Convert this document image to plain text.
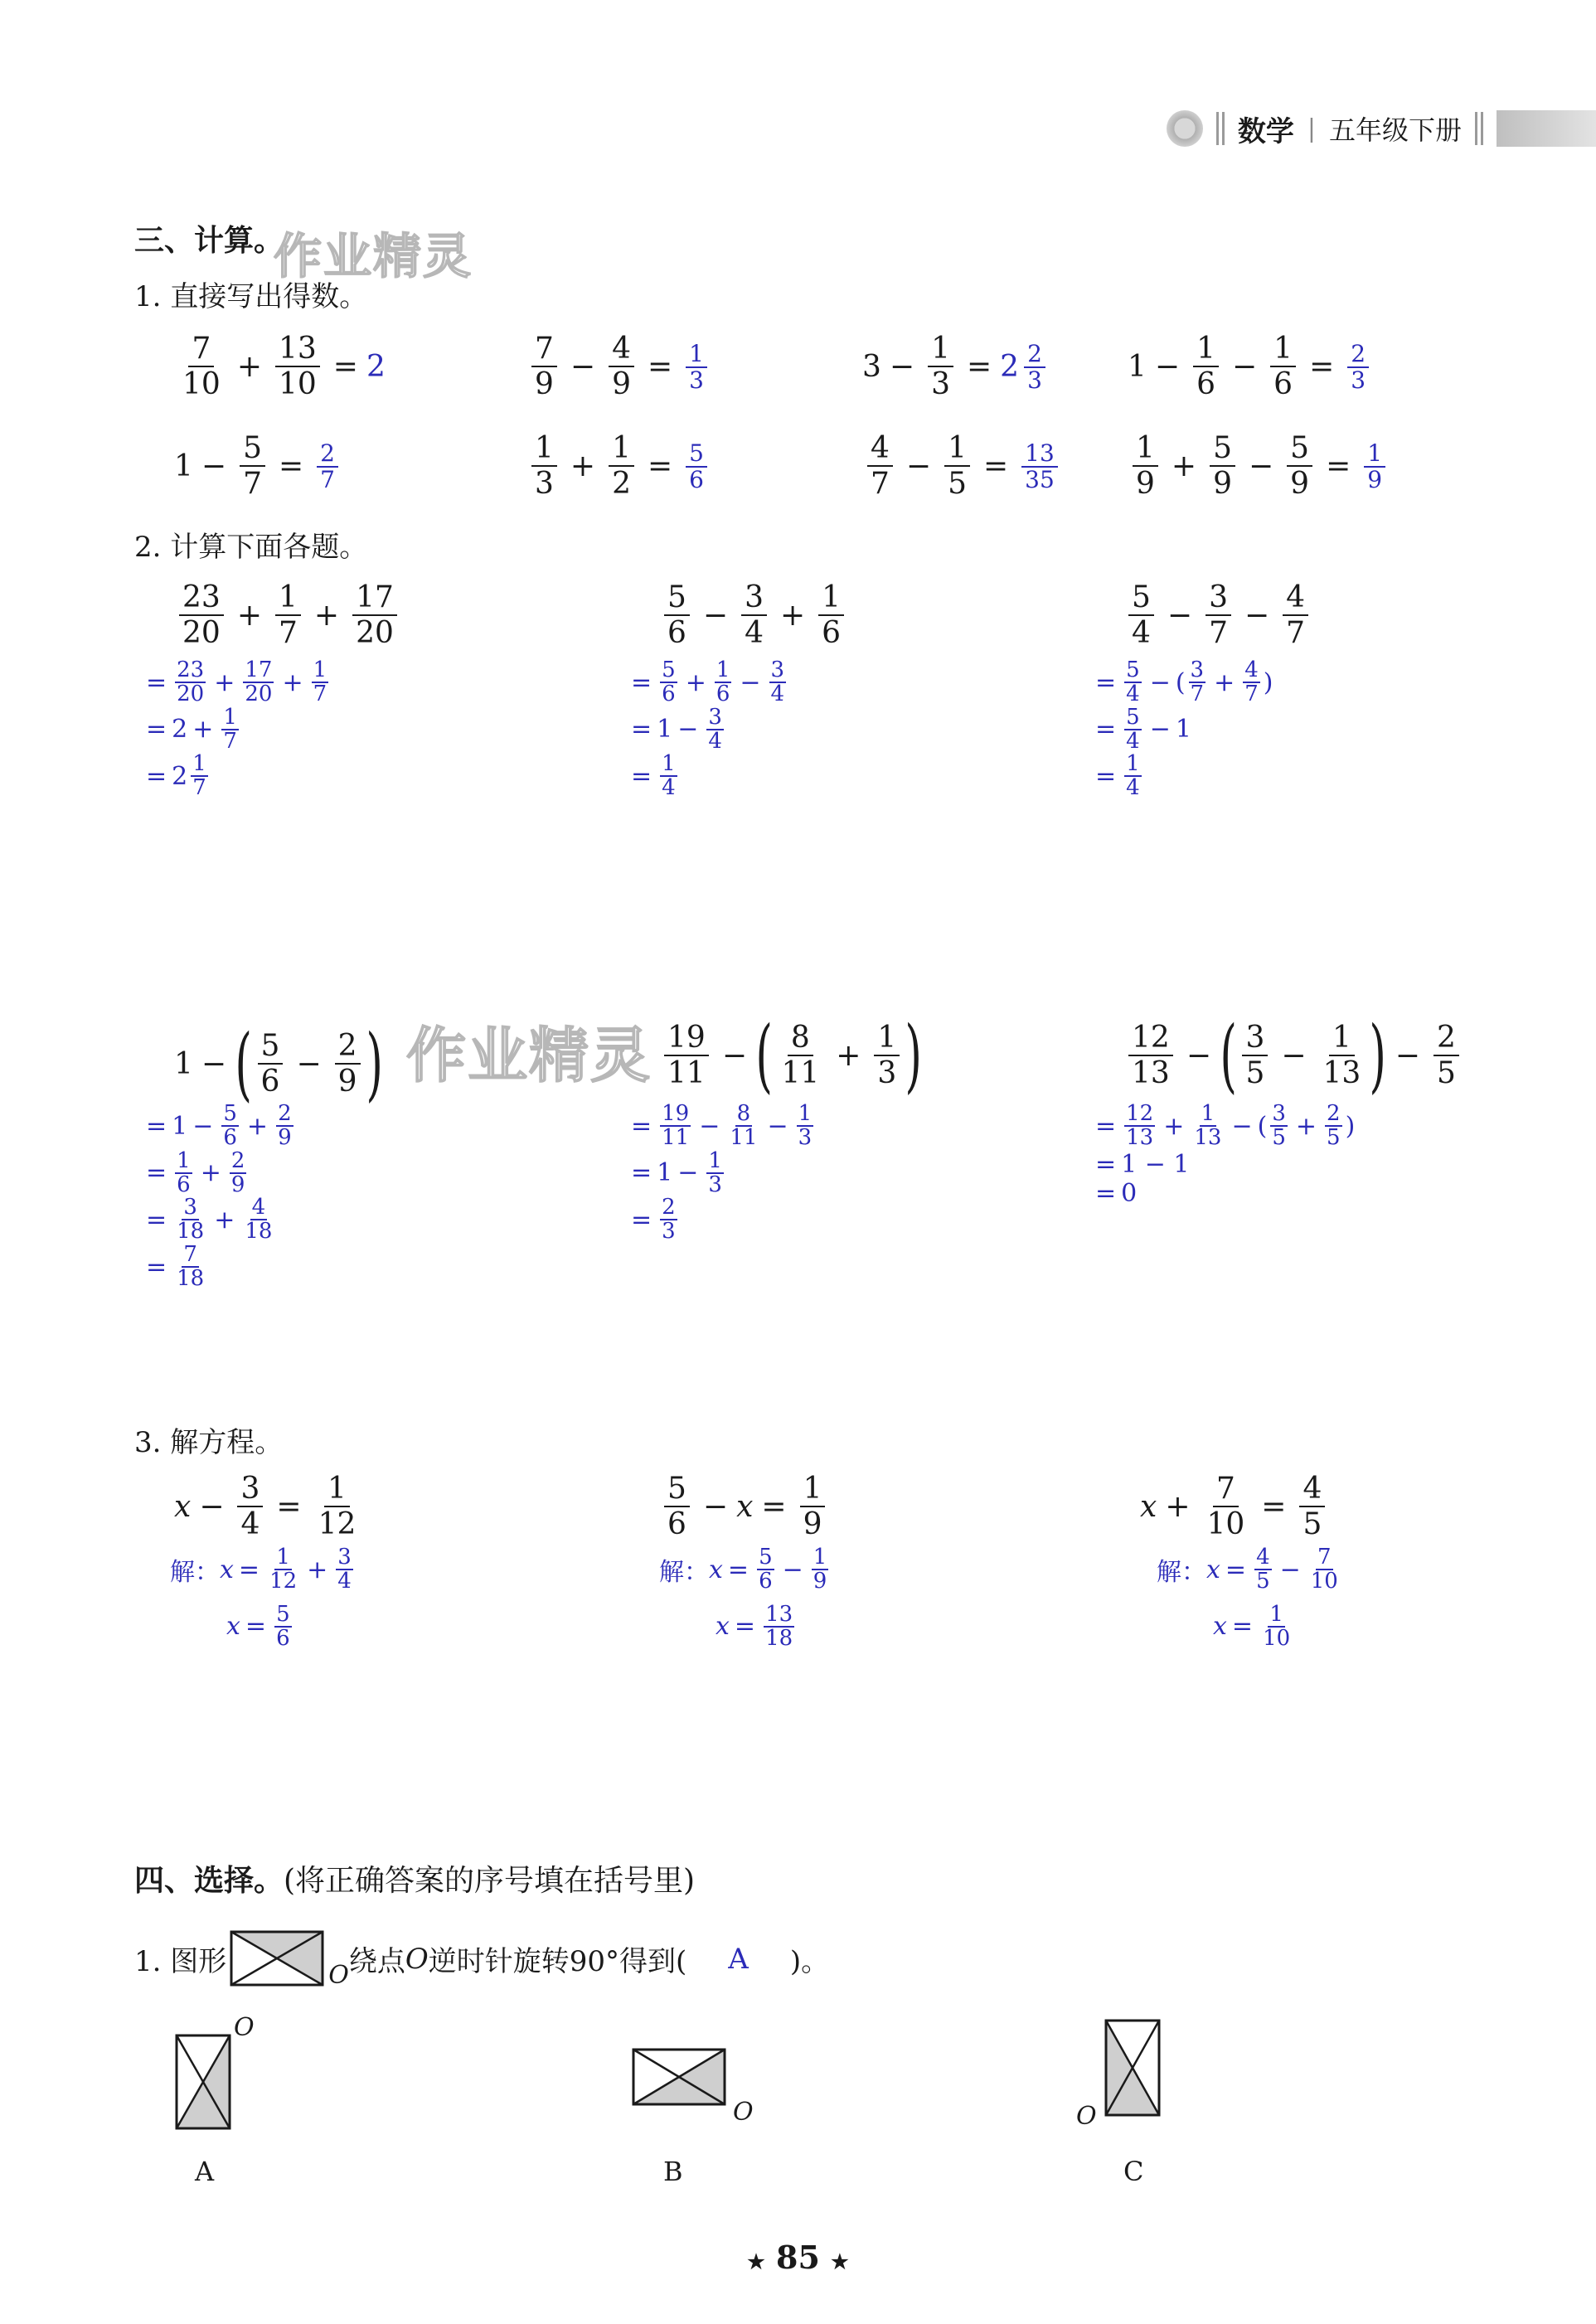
数学 | 五年级下册
三、计算。
作业精灵
1. 直接写出得数。
$\frac{7}{10} + \frac{13}{10} = 2$	$\frac{7}{9} - \frac{4}{9} = \frac{1}{3}$	$3 - \frac{1}{3} = 2 \frac{2}{3}$	$1 - \frac{1}{6} - \frac{1}{6} = \frac{2}{3}$
$1 - \frac{5}{7} = \frac{2}{7}$	$\frac{1}{3} + \frac{1}{2} = \frac{5}{6}$	$\frac{4}{7} - \frac{1}{5} = \frac{13}{35}$	$\frac{1}{9} + \frac{5}{9} - \frac{5}{9} = \frac{1}{9}$
2. 计算下面各题。
$\frac{23}{20} + \frac{1}{7} + \frac{17}{20}$
= $\frac{23}{20} + \frac{17}{20} + \frac{1}{7}$
= $2 + \frac{1}{7}$
= $2 \frac{1}{7}$
$\frac{5}{6} - \frac{3}{4} + \frac{1}{6}$
= $\frac{5}{6} + \frac{1}{6} - \frac{3}{4}$
= $1 - \frac{3}{4}$
= $\frac{1}{4}$
$\frac{5}{4} - \frac{3}{7} - \frac{4}{7}$
= $\frac{5}{4}$ − ( $\frac{3}{7} + \frac{4}{7}$ )
= $\frac{5}{4} - 1$
= $\frac{1}{4}$
作业精灵
1 − ( $\frac{5}{6} - \frac{2}{9}$ )
= $1 - \frac{5}{6} + \frac{2}{9}$
= $\frac{1}{6} + \frac{2}{9}$
= $\frac{3}{18} + \frac{4}{18}$
= $\frac{7}{18}$
$\frac{19}{11}$ − ( $\frac{8}{11} + \frac{1}{3}$ )
= $\frac{19}{11} - \frac{8}{11} - \frac{1}{3}$
= $1 - \frac{1}{3}$
= $\frac{2}{3}$
$\frac{12}{13}$ − ( $\frac{3}{5} - \frac{1}{13}$ ) − $\frac{2}{5}$
= $\frac{12}{13} + \frac{1}{13}$ − ( $\frac{3}{5} + \frac{2}{5}$ )
= 1 − 1
= 0
3. 解方程。
$x - \frac{3}{4} = \frac{1}{12}$
解： $x = \frac{1}{12} + \frac{3}{4}$
$x = \frac{5}{6}$
$\frac{5}{6} - x = \frac{1}{9}$
解： $x = \frac{5}{6} - \frac{1}{9}$
$x = \frac{13}{18}$
$x + \frac{7}{10} = \frac{4}{5}$
解： $x = \frac{4}{5} - \frac{7}{10}$
$x = \frac{1}{10}$
四、选择。(将正确答案的序号填在括号里)
1. 图形	O 绕点 O 逆时针旋转90°得到( A )。
O
A
O
B
O
C
★ 85 ★
